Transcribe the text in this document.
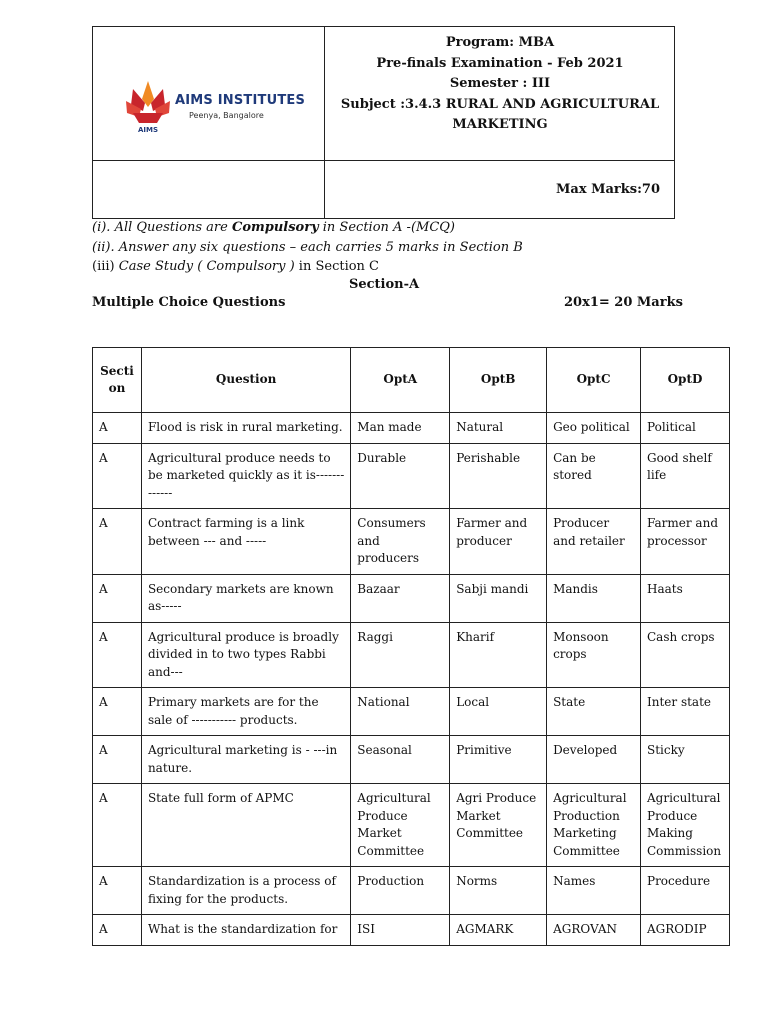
AIMS
AIMS INSTITUTES
Peenya, Bangalore
Program: MBA
Pre-finals Examination - Feb 2021
Semester : III
Subject :3.4.3 RURAL AND AGRICULTURAL
MARKETING
Max Marks:70
(i). All Questions are Compulsory in Section A -(MCQ)
(ii). Answer any six questions – each carries 5 marks in Section B
(iii) Case Study ( Compulsory ) in Section C
Section-A
Multiple Choice Questions	20x1= 20 Marks
Secti on	Question	OptA	OptB	OptC	OptD
A	Flood is risk in rural marketing.	Man made	Natural	Geo political	Political
A	Agricultural produce needs to be marketed quickly as it is-------------	Durable	Perishable	Can be stored	Good shelf life
A	Contract farming is a link between --- and -----	Consumers and producers	Farmer and producer	Producer and retailer	Farmer and processor
A	Secondary markets are known as-----	Bazaar	Sabji mandi	Mandis	Haats
A	Agricultural produce is broadly divided in to two types Rabbi and---	Raggi	Kharif	Monsoon crops	Cash crops
A	Primary markets are for the sale of ----------- products.	National	Local	State	Inter state
A	Agricultural marketing is - ---in nature.	Seasonal	Primitive	Developed	Sticky
A	State full form of APMC	Agricultural Produce Market Committee	Agri Produce Market Committee	Agricultural Production Marketing Committee	Agricultural Produce Making Commission
A	Standardization is a process of fixing for the products.	Production	Norms	Names	Procedure
A	What is the standardization for	ISI	AGMARK	AGROVAN	AGRODIP
